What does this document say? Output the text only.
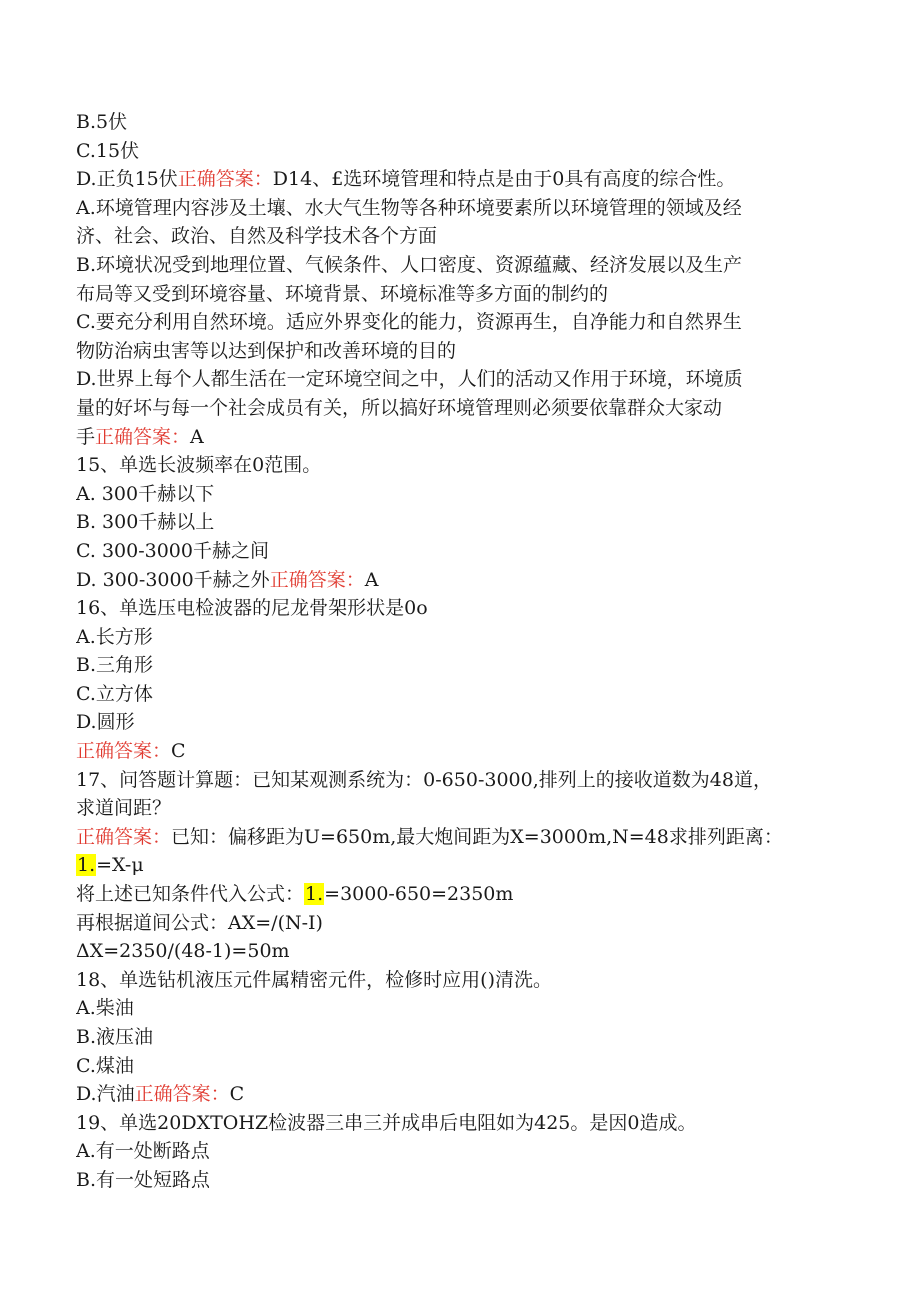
B.5伏
C.15伏
D.正负15伏正确答案：D14、£选环境管理和特点是由于0具有高度的综合性。
A.环境管理内容涉及土壤、水大气生物等各种环境要素所以环境管理的领域及经
济、社会、政治、自然及科学技术各个方面
B.环境状况受到地理位置、气候条件、人口密度、资源蕴藏、经济发展以及生产
布局等又受到环境容量、环境背景、环境标准等多方面的制约的
C.要充分利用自然环境。适应外界变化的能力，资源再生，自净能力和自然界生
物防治病虫害等以达到保护和改善环境的目的
D.世界上每个人都生活在一定环境空间之中，人们的活动又作用于环境，环境质
量的好坏与每一个社会成员有关，所以搞好环境管理则必须要依靠群众大家动
手正确答案：A
15、单选长波频率在0范围。
A. 300千赫以下
B. 300千赫以上
C. 300-3000千赫之间
D. 300-3000千赫之外正确答案：A
16、单选压电检波器的尼龙骨架形状是0o
A.长方形
B.三角形
C.立方体
D.圆形
正确答案：C
17、问答题计算题：已知某观测系统为：0-650-3000,排列上的接收道数为48道，
求道间距？
正确答案：已知：偏移距为U=650m,最大炮间距为X=3000m,N=48求排列距离：
1.=X-μ
将上述已知条件代入公式：1.=3000-650=2350m
再根据道间公式：AX=/(N-I)
ΔX=2350/(48-1)=50m
18、单选钻机液压元件属精密元件，检修时应用()清洗。
A.柴油
B.液压油
C.煤油
D.汽油正确答案：C
19、单选20DXTOHZ检波器三串三并成串后电阻如为425。是因0造成。
A.有一处断路点
B.有一处短路点
